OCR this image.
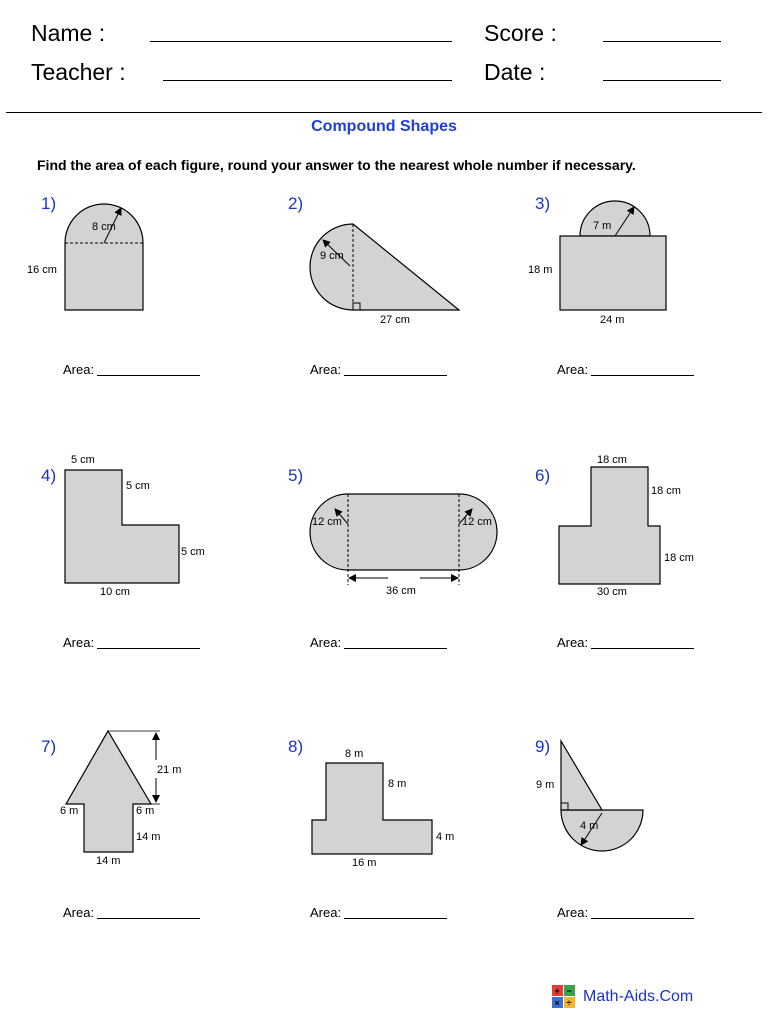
Name :
Teacher :
Score :
Date :
Compound Shapes
Find the area of each figure, round your answer to the nearest whole number if necessary.
1)	2)	3)
4)	5)	6)
7)	8)	9)
Area:	Area:	Area:
Area:	Area:	Area:
Area:	Area:	Area:
8 cm
16 cm
9 cm
27 cm
7 m
18 m
24 m
5 cm
5 cm
5 cm
10 cm
12 cm	12 cm
36 cm
18 cm
18 cm
18 cm
30 cm
21 m
6 m	6 m
14 m
14 m
8 m
8 m
4 m
16 m
9 m
4 m
+ −
× ÷ Math-Aids.Com
